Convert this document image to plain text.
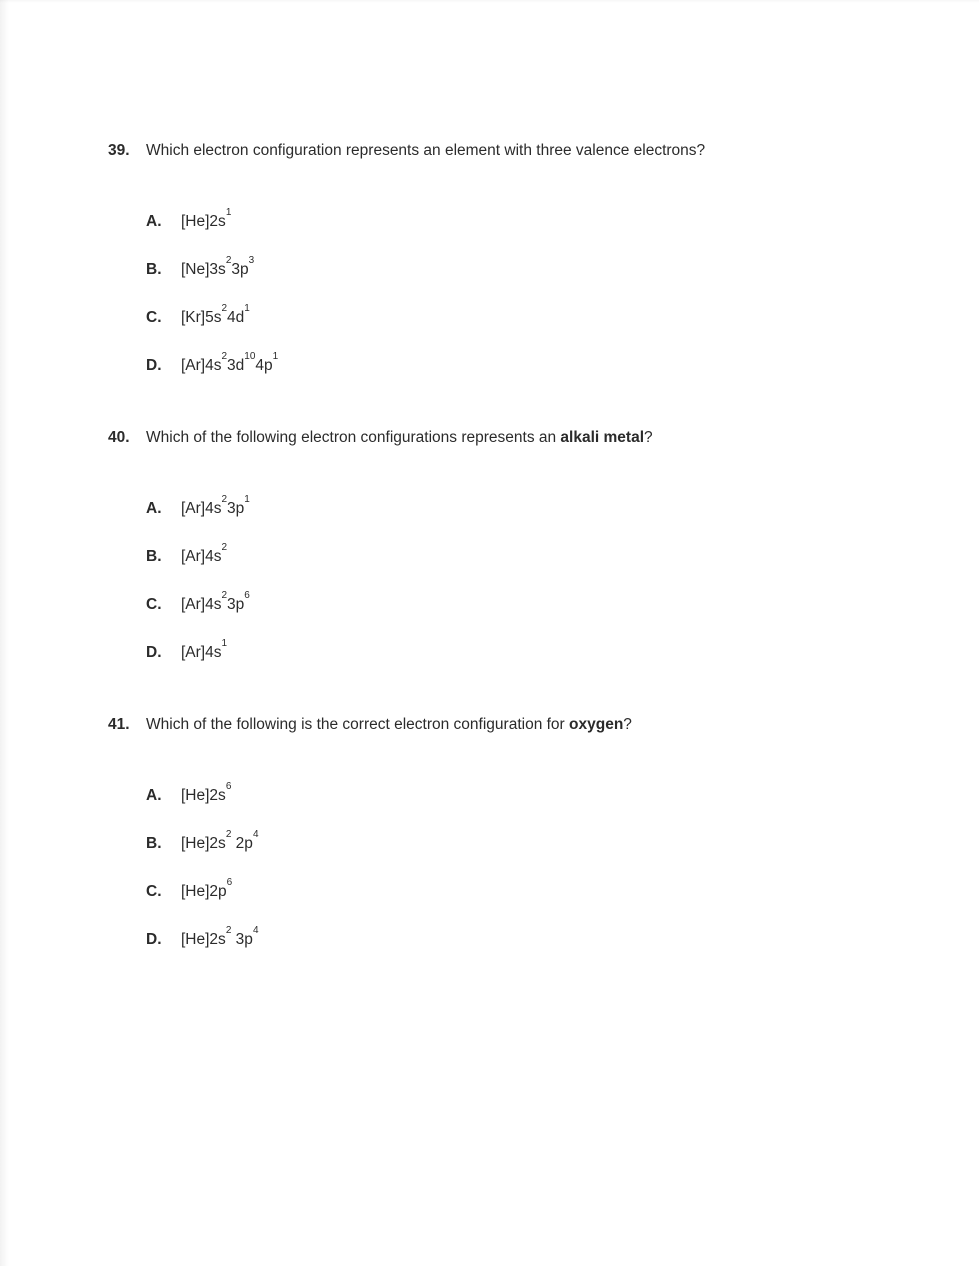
39.	Which electron configuration represents an element with three valence electrons?
A.	$[He]2s^1$
B.	$[Ne]3s^23p^3$
C.	$[Kr]5s^24d^1$
D.	$[Ar]4s^23d^{10}4p^1$
40.	Which of the following electron configurations represents an alkali metal?
A.	$[Ar]4s^23p^1$
B.	$[Ar]4s^2$
C.	$[Ar]4s^23p^6$
D.	$[Ar]4s^1$
41.	Which of the following is the correct electron configuration for oxygen?
A.	$[He]2s^6$
B.	$[He]2s^2$ $2p^4$
C.	$[He]2p^6$
D.	$[He]2s^2$ $3p^4$
